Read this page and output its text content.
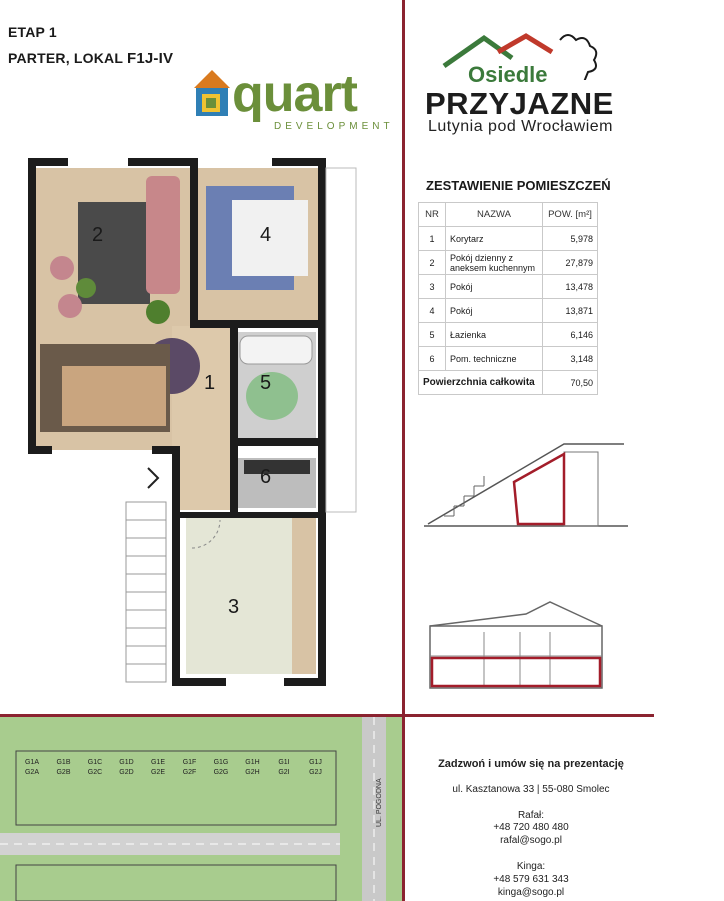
ETAP 1
PARTER, LOKAL F1J-IV
quart
DEVELOPMENT
Osiedle
PRZYJAZNE
Lutynia pod Wrocławiem
ZESTAWIENIE POMIESZCZEŃ
NR	NAZWA	POW. [m²]
1	Korytarz	5,978
2	Pokój dzienny z aneksem kuchennym	27,879
3	Pokój	13,478
4	Pokój	13,871
5	Łazienka	6,146
6	Pom. techniczne	3,148
Powierzchnia całkowita		70,50
1
2
3
4
5
6
G1A
G2A
G1B
G2B
G1C
G2C
G1D
G2D
G1E
G2E
G1F
G2F
G1G
G2G
G1H
G2H
G1I
G2I
G1J
G2J
UL. POGODNA
Zadzwoń i umów się na prezentację
ul. Kasztanowa 33 | 55-080 Smolec
Rafał:
+48 720 480 480
rafal@sogo.pl
Kinga:
+48 579 631 343
kinga@sogo.pl
